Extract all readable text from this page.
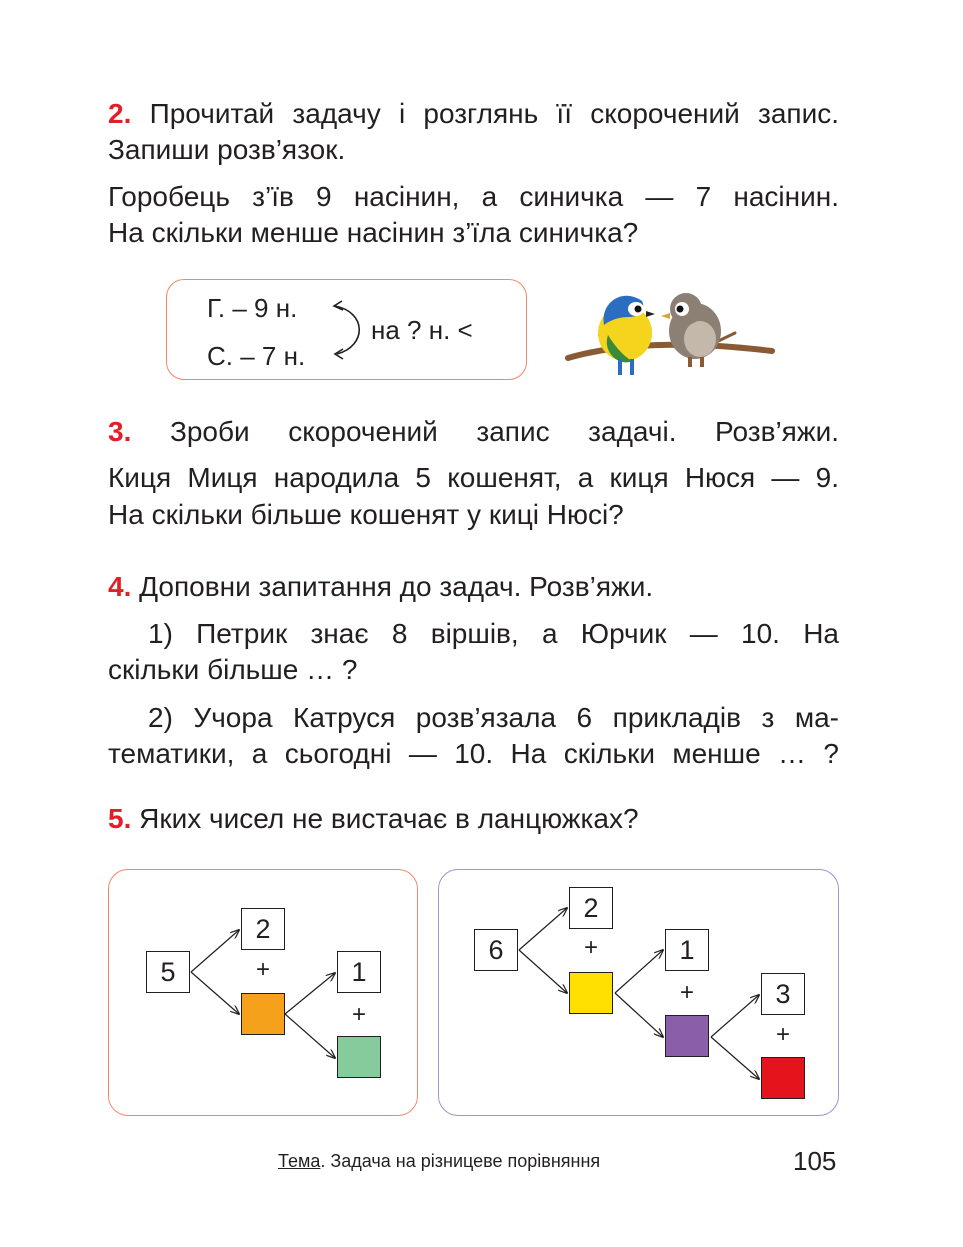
2. Прочитай задачу і розглянь її скорочений запис.

Запиши розв’язок.

Горобець з’їв 9 насінин, а синичка — 7 насінин.

На скільки менше насінин з’їла синичка?

Г. – 9 н.
С. – 7 н.
на ? н. <

3. Зроби скорочений запис задачі. Розв’яжи.

Киця Миця народила 5 кошенят, а киця Нюся — 9.

На скільки більше кошенят у киці Нюсі?

4. Доповни запитання до задач. Розв’яжи.

1) Петрик знає 8 віршів, а Юрчик — 10. На

скільки більше … ?

2) Учора Катруся розв’язала 6 прикладів з ма-

тематики, а сьогодні — 10. На скільки менше … ?

5. Яких чисел не вистачає в ланцюжках?

5
2
+	1
+
6
2
+	1
+	3
+
Тема. Задача на різницеве порівняння	105
